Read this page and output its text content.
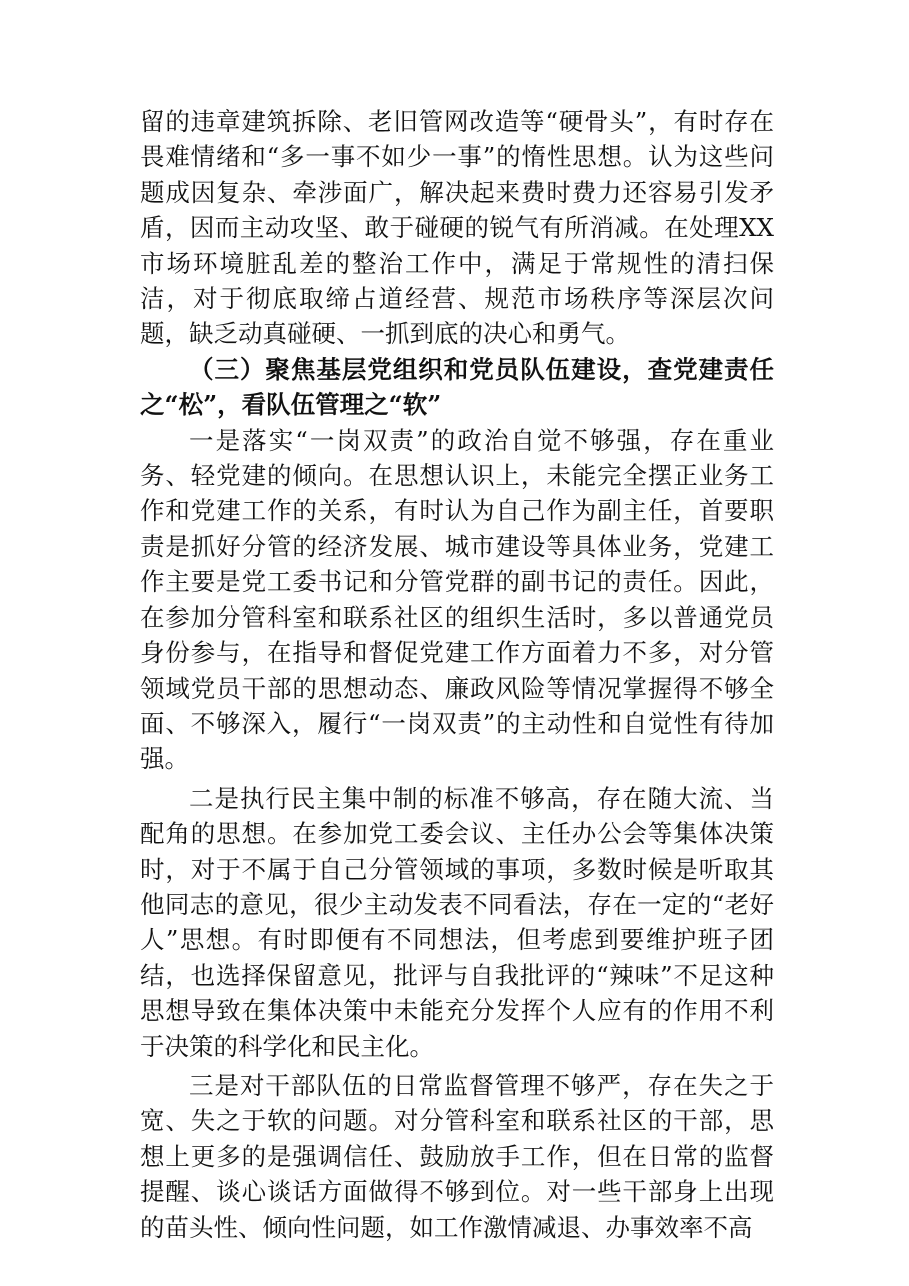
留的违章建筑拆除、老旧管网改造等“硬骨头”，有时存在畏难情绪和“多一事不如少一事”的惰性思想。认为这些问题成因复杂、牵涉面广，解决起来费时费力还容易引发矛盾，因而主动攻坚、敢于碰硬的锐气有所消减。在处理XX市场环境脏乱差的整治工作中，满足于常规性的清扫保洁，对于彻底取缔占道经营、规范市场秩序等深层次问题，缺乏动真碰硬、一抓到底的决心和勇气。

（三）聚焦基层党组织和党员队伍建设，查党建责任之“松”，看队伍管理之“软”

一是落实“一岗双责”的政治自觉不够强，存在重业务、轻党建的倾向。在思想认识上，未能完全摆正业务工作和党建工作的关系，有时认为自己作为副主任，首要职责是抓好分管的经济发展、城市建设等具体业务，党建工作主要是党工委书记和分管党群的副书记的责任。因此，在参加分管科室和联系社区的组织生活时，多以普通党员身份参与，在指导和督促党建工作方面着力不多，对分管领域党员干部的思想动态、廉政风险等情况掌握得不够全面、不够深入，履行“一岗双责”的主动性和自觉性有待加强。

二是执行民主集中制的标准不够高，存在随大流、当配角的思想。在参加党工委会议、主任办公会等集体决策时，对于不属于自己分管领域的事项，多数时候是听取其他同志的意见，很少主动发表不同看法，存在一定的“老好人”思想。有时即便有不同想法，但考虑到要维护班子团结，也选择保留意见，批评与自我批评的“辣味”不足这种思想导致在集体决策中未能充分发挥个人应有的作用不利于决策的科学化和民主化。

三是对干部队伍的日常监督管理不够严，存在失之于宽、失之于软的问题。对分管科室和联系社区的干部，思想上更多的是强调信任、鼓励放手工作，但在日常的监督提醒、谈心谈话方面做得不够到位。对一些干部身上出现的苗头性、倾向性问题，如工作激情减退、办事效率不高
